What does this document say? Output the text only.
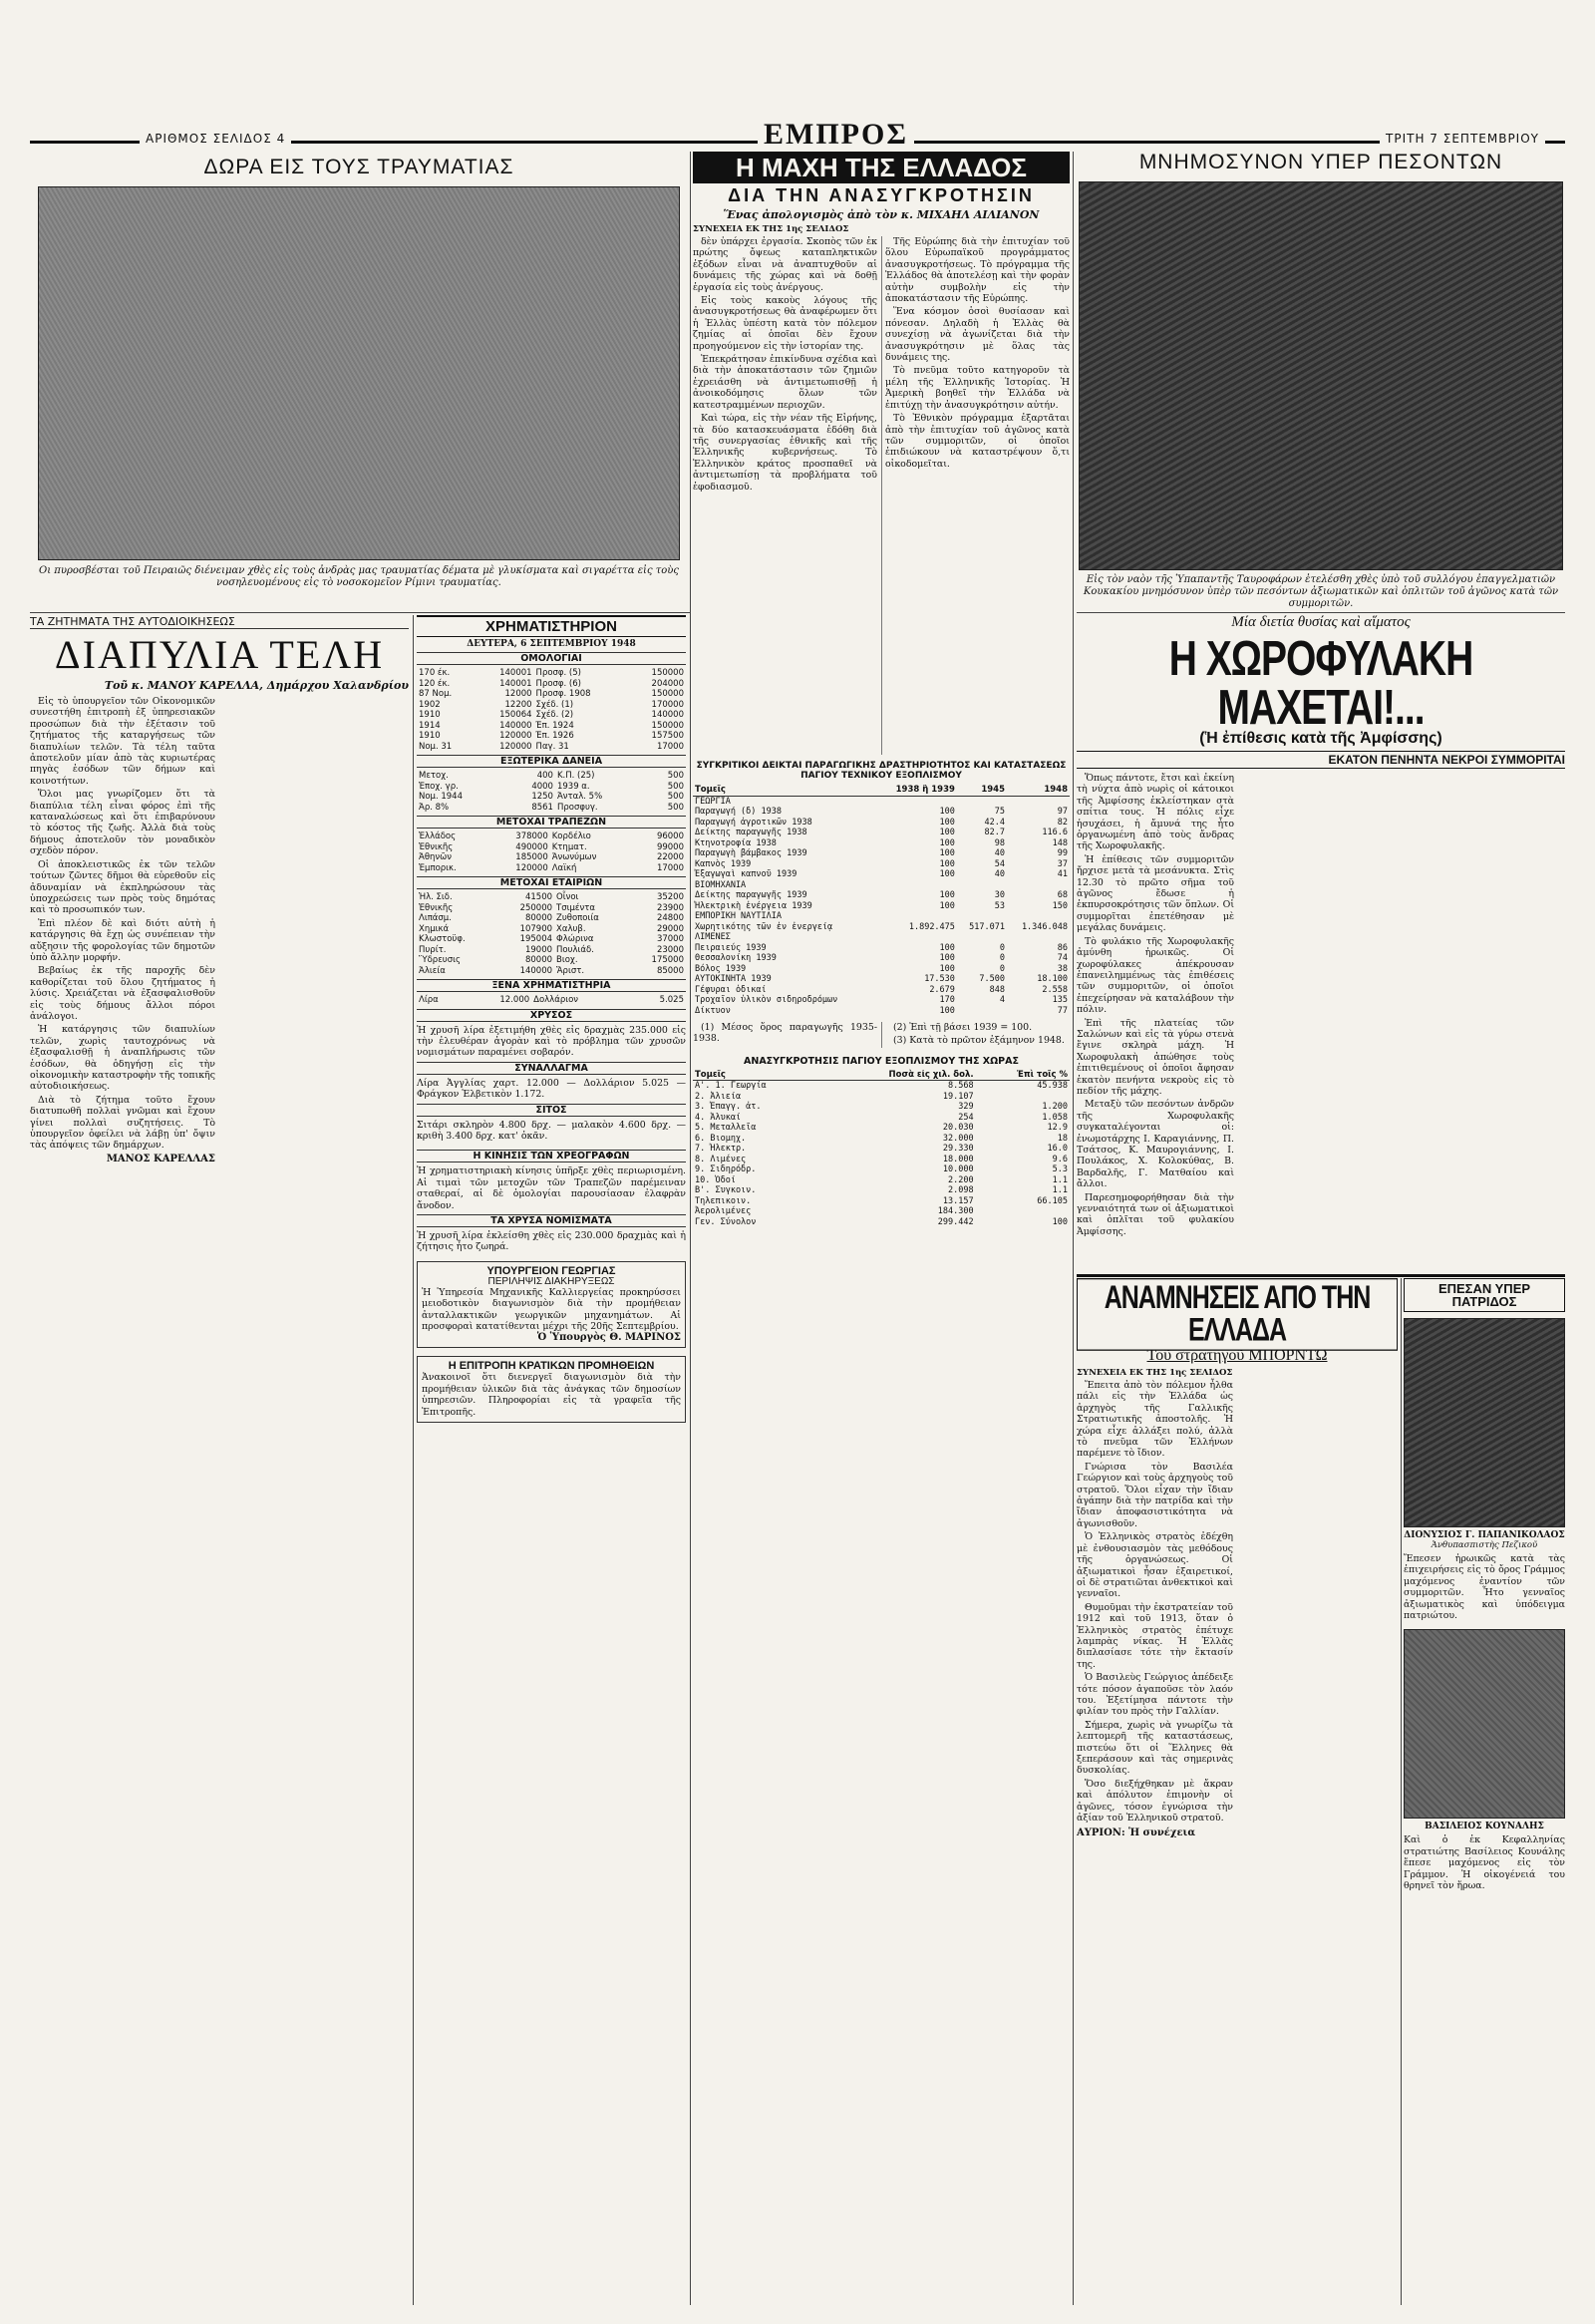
ΑΡΙΘΜΟΣ ΣΕΛΙΔΟΣ 4	ΕΜΠΡΟΣ	ΤΡΙΤΗ 7 ΣΕΠΤΕΜΒΡΙΟΥ
ΔΩΡΑ ΕΙΣ ΤΟΥΣ ΤΡΑΥΜΑΤΙΑΣ
Οι πυροσβέσται τοῦ Πειραιῶς διένειμαν χθὲς εἰς τοὺς ἀνδρὰς μας τραυματίας δέματα μὲ γλυκίσματα καὶ σιγαρέττα εἰς τοὺς νοσηλευομένους εἰς τὸ νοσοκομεῖον Ρίμινι τραυματίας.
Η ΜΑΧΗ ΤΗΣ ΕΛΛΑΔΟΣ
ΔΙΑ ΤΗΝ ΑΝΑΣΥΓΚΡΟΤΗΣΙΝ
Ἕνας ἀπολογισμὸς ἀπὸ τὸν κ. ΜΙΧΑΗΛ ΑΙΛΙΑΝΟΝ
ΣΥΝΕΧΕΙΑ ΕΚ ΤΗΣ 1ης ΣΕΛΙΔΟΣ

δὲν ὑπάρχει ἐργασία. Σκοπὸς τῶν ἐκ πρώτης ὄψεως καταπληκτικῶν ἐξόδων εἶναι νὰ ἀναπτυχθοῦν αἱ δυνάμεις τῆς χώρας καὶ νὰ δοθῇ ἐργασία εἰς τοὺς ἀνέργους.

Εἰς τοὺς κακοὺς λόγους τῆς ἀνασυγκροτήσεως θὰ ἀναφέρωμεν ὅτι ἡ Ἑλλὰς ὑπέστη κατὰ τὸν πόλεμον ζημίας αἱ ὁποῖαι δὲν ἔχουν προηγούμενον εἰς τὴν ἱστορίαν της.

Ἐπεκράτησαν ἐπικίνδυνα σχέδια καὶ διὰ τὴν ἀποκατάστασιν τῶν ζημιῶν ἐχρειάσθη νὰ ἀντιμετωπισθῇ ἡ ἀνοικοδόμησις ὅλων τῶν κατεστραμμένων περιοχῶν.

Καὶ τώρα, εἰς τὴν νέαν τῆς Εἰρήνης, τὰ δύο κατασκευάσματα ἐδόθη διὰ τῆς συνεργασίας ἐθνικῆς καὶ τῆς Ἑλληνικῆς κυβερνήσεως. Τὸ Ἑλληνικὸν κράτος προσπαθεῖ νὰ ἀντιμετωπίσῃ τὰ προβλήματα τοῦ ἐφοδιασμοῦ.

Τῆς Εὐρώπης διὰ τὴν ἐπιτυχίαν τοῦ ὅλου Εὐρωπαϊκοῦ προγράμματος ἀνασυγκροτήσεως. Τὸ πρόγραμμα τῆς Ἑλλάδος θὰ ἀποτελέσῃ καὶ τὴν φορὰν αὐτὴν συμβολὴν εἰς τὴν ἀποκατάστασιν τῆς Εὐρώπης.

Ἕνα κόσμον ὁσοὶ θυσίασαν καὶ πόνεσαν. Δηλαδὴ ἡ Ἑλλὰς θὰ συνεχίσῃ νὰ ἀγωνίζεται διὰ τὴν ἀνασυγκρότησιν μὲ ὅλας τὰς δυνάμεις της.

Τὸ πνεῦμα τοῦτο κατηγοροῦν τὰ μέλη τῆς Ἑλληνικῆς Ἱστορίας. Ἡ Ἀμερικὴ βοηθεῖ τὴν Ἑλλάδα νὰ ἐπιτύχῃ τὴν ἀνασυγκρότησιν αὐτήν.

Τὸ Ἐθνικὸν πρόγραμμα ἐξαρτᾶται ἀπὸ τὴν ἐπιτυχίαν τοῦ ἀγῶνος κατὰ τῶν συμμοριτῶν, οἱ ὁποῖοι ἐπιδιώκουν νὰ καταστρέψουν ὅ,τι οἰκοδομεῖται.

ΣΥΓΚΡΙΤΙΚΟΙ ΔΕΙΚΤΑΙ ΠΑΡΑΓΩΓΙΚΗΣ ΔΡΑΣΤΗΡΙΟΤΗΤΟΣ ΚΑΙ ΚΑΤΑΣΤΑΣΕΩΣ ΠΑΓΙΟΥ ΤΕΧΝΙΚΟΥ ΕΞΟΠΛΙΣΜΟΥ
Τομεῖς	1938 ἢ 1939	1945	1948
ΓΕΩΡΓΙΑ			
Παραγωγή (δ) 1938	100	75	97
Παραγωγή ἀγροτικῶν 1938	100	42.4	82
Δείκτης παραγωγῆς 1938	100	82.7	116.6
Κτηνοτροφία 1938	100	98	148
Παραγωγὴ βάμβακος 1939	100	40	99
Καπνὸς 1939	100	54	37
Ἐξαγωγαὶ καπνοῦ 1939	100	40	41
ΒΙΟΜΗΧΑΝΙΑ			
Δείκτης παραγωγῆς 1939	100	30	68
Ἠλεκτρικὴ ἐνέργεια 1939	100	53	150
ΕΜΠΟΡΙΚΗ ΝΑΥΤΙΛΙΑ			
Χωρητικότης τῶν ἐν ἐνεργείᾳ	1.892.475	517.071	1.346.048
ΛΙΜΕΝΕΣ			
Πειραιεύς 1939	100	0	86
Θεσσαλονίκη 1939	100	0	74
Βόλος 1939	100	0	38
ΑΥΤΟΚΙΝΗΤΑ 1939	17.530	7.500	18.100
Γέφυραι ὁδικαί	2.679	848	2.558
Τροχαῖον ὑλικὸν σιδηροδρόμων	170	4	135
Δίκτυον	100		77

(1) Μέσος ὅρος παραγωγῆς 1935-1938.

(2) Ἐπὶ τῇ βάσει 1939 = 100.

(3) Κατὰ τὸ πρῶτον ἑξάμηνον 1948.

ΑΝΑΣΥΓΚΡΟΤΗΣΙΣ ΠΑΓΙΟΥ ΕΞΟΠΛΙΣΜΟΥ ΤΗΣ ΧΩΡΑΣ
Τομεῖς	Ποσὰ εἰς χιλ. δολ.	Ἐπὶ τοῖς %
Α'. 1. Γεωργία	8.568	45.938
2. Ἀλιεία	19.107	
3. Ἐπαγγ. ἀτ.	329	1.200
4. Ἁλυκαί	254	1.058
5. Μεταλλεῖα	20.030	12.9
6. Βιομηχ.	32.000	18
7. Ἠλεκτρ.	29.330	16.0
8. Λιμένες	18.000	9.6
9. Σιδηρόδρ.	10.000	5.3
10. Ὁδοί	2.200	1.1
Β'. Συγκοιν.	2.098	1.1
Τηλεπικοιν.	13.157	66.105
Ἀερολιμένες	184.300	
Γεν. Σύνολον	299.442	100
ΜΝΗΜΟΣΥΝΟΝ ΥΠΕΡ ΠΕΣΟΝΤΩΝ
Εἰς τὸν ναὸν τῆς Ὑπαπαντῆς Ταυροφάρων ἐτελέσθη χθὲς ὑπὸ τοῦ συλλόγου ἐπαγγελματιῶν Κουκακίου μνημόσυνον ὑπὲρ τῶν πεσόντων ἀξιωματικῶν καὶ ὁπλιτῶν τοῦ ἀγῶνος κατὰ τῶν συμμοριτῶν.
ΤΑ ΖΗΤΗΜΑΤΑ ΤΗΣ ΑΥΤΟΔΙΟΙΚΗΣΕΩΣ
ΔΙΑΠΥΛΙΑ ΤΕΛΗ
Τοῦ κ. ΜΑΝΟΥ ΚΑΡΕΛΛΑ, Δημάρχου Χαλανδρίου

Εἰς τὸ ὑπουργεῖον τῶν Οἰκονομικῶν συνεστήθη ἐπιτροπὴ ἐξ ὑπηρεσιακῶν προσώπων διὰ τὴν ἐξέτασιν τοῦ ζητήματος τῆς καταργήσεως τῶν διαπυλίων τελῶν. Τὰ τέλη ταῦτα ἀποτελοῦν μίαν ἀπὸ τὰς κυριωτέρας πηγὰς ἐσόδων τῶν δήμων καὶ κοινοτήτων.

Ὅλοι μας γνωρίζομεν ὅτι τὰ διαπύλια τέλη εἶναι φόρος ἐπὶ τῆς καταναλώσεως καὶ ὅτι ἐπιβαρύνουν τὸ κόστος τῆς ζωῆς. Ἀλλὰ διὰ τοὺς δήμους ἀποτελοῦν τὸν μοναδικὸν σχεδὸν πόρον.

Οἱ ἀποκλειστικῶς ἐκ τῶν τελῶν τούτων ζῶντες δῆμοι θὰ εὑρεθοῦν εἰς ἀδυναμίαν νὰ ἐκπληρώσουν τὰς ὑποχρεώσεις των πρὸς τοὺς δημότας καὶ τὸ προσωπικόν των.

Ἐπὶ πλέον δὲ καὶ διότι αὐτὴ ἡ κατάργησις θὰ ἔχῃ ὡς συνέπειαν τὴν αὔξησιν τῆς φορολογίας τῶν δημοτῶν ὑπὸ ἄλλην μορφήν.

Βεβαίως ἐκ τῆς παροχῆς δὲν καθορίζεται τοῦ ὅλου ζητήματος ἡ λύσις. Χρειάζεται νὰ ἐξασφαλισθοῦν εἰς τοὺς δήμους ἄλλοι πόροι ἀνάλογοι.

Ἡ κατάργησις τῶν διαπυλίων τελῶν, χωρὶς ταυτοχρόνως νὰ ἐξασφαλισθῇ ἡ ἀναπλήρωσις τῶν ἐσόδων, θὰ ὁδηγήσῃ εἰς τὴν οἰκονομικὴν καταστροφὴν τῆς τοπικῆς αὐτοδιοικήσεως.

Διὰ τὸ ζήτημα τοῦτο ἔχουν διατυπωθῆ πολλαὶ γνῶμαι καὶ ἔχουν γίνει πολλαὶ συζητήσεις. Τὸ ὑπουργεῖον ὀφείλει νὰ λάβῃ ὑπ' ὄψιν τὰς ἀπόψεις τῶν δημάρχων.

ΜΑΝΟΣ ΚΑΡΕΛΛΑΣ
ΧΡΗΜΑΤΙΣΤΗΡΙΟΝ
ΔΕΥΤΕΡΑ, 6 ΣΕΠΤΕΜΒΡΙΟΥ 1948
ΟΜΟΛΟΓΙΑΙ
170 έκ.	140001	Προσφ. (5)	150000
120 έκ.	140001	Προσφ. (6)	204000
87 Νομ.	12000	Προσφ. 1908	150000
1902	12200	Σχέδ. (1)	170000
1910	150064	Σχέδ. (2)	140000
1914	140000	Ἐπ. 1924	150000
1910	120000	Ἐπ. 1926	157500
Νομ. 31	120000	Παγ. 31	17000
ΕΞΩΤΕΡΙΚΑ ΔΑΝΕΙΑ
Μετοχ.	400	Κ.Π. (25)	500
Ἐποχ. γρ.	4000	1939 α.	500
Νομ. 1944	1250	Ἀνταλ. 5%	500
Ἀρ. 8%	8561	Προσφυγ.	500
ΜΕΤΟΧΑΙ ΤΡΑΠΕΖΩΝ
Ἑλλάδος	378000	Κορδέλιο	96000
Ἐθνικῆς	490000	Κτηματ.	99000
Ἀθηνῶν	185000	Ἀνωνύμων	22000
Ἐμπορικ.	120000	Λαϊκή	17000
ΜΕΤΟΧΑΙ ΕΤΑΙΡΙΩΝ
Ἠλ. Σιδ.	41500	Οἶνοι	35200
Ἐθνικῆς	250000	Τσιμέντα	23900
Λιπάσμ.	80000	Ζυθοποιία	24800
Χημικά	107900	Χαλυβ.	29000
Κλωστοϋφ.	195004	Φλώρινα	37000
Πυρίτ.	19000	Πουλιάδ.	23000
Ὕδρευσις	80000	Βιοχ.	175000
Ἀλιεία	140000	Ἄριστ.	85000
ΞΕΝΑ ΧΡΗΜΑΤΙΣΤΗΡΙΑ
Λίρα	12.000	Δολλάριον	5.025
ΧΡΥΣΟΣ
Ἡ χρυσῆ λίρα ἐξετιμήθη χθὲς εἰς δραχμὰς 235.000 εἰς τὴν ἐλευθέραν ἀγορὰν καὶ τὸ πρόβλημα τῶν χρυσῶν νομισμάτων παραμένει σοβαρόν.
ΣΥΝΑΛΛΑΓΜΑ
Λίρα Ἀγγλίας χαρτ. 12.000 — Δολλάριον 5.025 — Φράγκον Ἑλβετικὸν 1.172.
ΣΙΤΟΣ
Σιτάρι σκληρὸν 4.800 δρχ. — μαλακὸν 4.600 δρχ. — κριθὴ 3.400 δρχ. κατ' ὀκᾶν.
Η ΚΙΝΗΣΙΣ ΤΩΝ ΧΡΕΟΓΡΑΦΩΝ
Ἡ χρηματιστηριακὴ κίνησις ὑπῆρξε χθὲς περιωρισμένη. Αἱ τιμαὶ τῶν μετοχῶν τῶν Τραπεζῶν παρέμειναν σταθεραί, αἱ δὲ ὁμολογίαι παρουσίασαν ἐλαφρὰν ἄνοδον.
ΤΑ ΧΡΥΣΑ ΝΟΜΙΣΜΑΤΑ
Ἡ χρυσῆ λίρα ἐκλείσθη χθὲς εἰς 230.000 δραχμὰς καὶ ἡ ζήτησις ἦτο ζωηρά.
ΥΠΟΥΡΓΕΙΟΝ ΓΕΩΡΓΙΑΣ
ΠΕΡΙΛΗΨΙΣ ΔΙΑΚΗΡΥΞΕΩΣ
Ἡ Ὑπηρεσία Μηχανικῆς Καλλιεργείας προκηρύσσει μειοδοτικὸν διαγωνισμὸν διὰ τὴν προμήθειαν ἀνταλλακτικῶν γεωργικῶν μηχανημάτων. Αἱ προσφοραὶ κατατίθενται μέχρι τῆς 20ῆς Σεπτεμβρίου.
Ὁ Ὑπουργὸς Θ. ΜΑΡΙΝΟΣ
Η ΕΠΙΤΡΟΠΗ ΚΡΑΤΙΚΩΝ ΠΡΟΜΗΘΕΙΩΝ
Ἀνακοινοῖ ὅτι διενεργεῖ διαγωνισμὸν διὰ τὴν προμήθειαν ὑλικῶν διὰ τὰς ἀνάγκας τῶν δημοσίων ὑπηρεσιῶν. Πληροφορίαι εἰς τὰ γραφεῖα τῆς Ἐπιτροπῆς.
Μία διετία θυσίας καὶ αἵματος
Η ΧΩΡΟΦΥΛΑΚΗ ΜΑΧΕΤΑΙ!...
(Ἡ ἐπίθεσις κατὰ τῆς Ἀμφίσσης)
ΕΚΑΤΟΝ ΠΕΝΗΝΤΑ ΝΕΚΡΟΙ ΣΥΜΜΟΡΙΤΑΙ

Ὅπως πάντοτε, ἔτσι καὶ ἐκείνη τὴ νύχτα ἀπὸ νωρὶς οἱ κάτοικοι τῆς Ἀμφίσσης ἐκλείστηκαν στὰ σπίτια τους. Ἡ πόλις εἶχε ἡσυχάσει, ἡ ἄμυνά της ἦτο ὀργανωμένη ἀπὸ τοὺς ἄνδρας τῆς Χωροφυλακῆς.

Ἡ ἐπίθεσις τῶν συμμοριτῶν ἤρχισε μετὰ τὰ μεσάνυκτα. Στὶς 12.30 τὸ πρῶτο σῆμα τοῦ ἀγῶνος ἔδωσε ἡ ἐκπυρσοκρότησις τῶν ὅπλων. Οἱ συμμορῖται ἐπετέθησαν μὲ μεγάλας δυνάμεις.

Τὸ φυλάκιο τῆς Χωροφυλακῆς ἀμύνθη ἡρωικῶς. Οἱ χωροφύλακες ἀπέκρουσαν ἐπανειλημμένως τὰς ἐπιθέσεις τῶν συμμοριτῶν, οἱ ὁποῖοι ἐπεχείρησαν νὰ καταλάβουν τὴν πόλιν.

Ἐπὶ τῆς πλατείας τῶν Σαλώνων καὶ εἰς τὰ γύρω στενὰ ἔγινε σκληρὰ μάχη. Ἡ Χωροφυλακὴ ἀπώθησε τοὺς ἐπιτιθεμένους οἱ ὁποῖοι ἄφησαν ἑκατὸν πενήντα νεκροὺς εἰς τὸ πεδίον τῆς μάχης.

Μεταξὺ τῶν πεσόντων ἀνδρῶν τῆς Χωροφυλακῆς συγκαταλέγονται οἱ: ἐνωμοτάρχης Ι. Καραγιάννης, Π. Τσάτσος, Κ. Μαυρογιάννης, Ι. Πουλάκος, Χ. Κολοκύθας, Β. Βαρδαλῆς, Γ. Ματθαίου καὶ ἄλλοι.

Παρεσημοφορήθησαν διὰ τὴν γενναιότητά των οἱ ἀξιωματικοὶ καὶ ὁπλῖται τοῦ φυλακίου Ἀμφίσσης.

ΑΝΑΜΝΗΣΕΙΣ ΑΠΟ ΤΗΝ ΕΛΛΑΔΑ
Τοῦ στρατηγοῦ ΜΠΟΡΝΤΩ
ΣΥΝΕΧΕΙΑ ΕΚ ΤΗΣ 1ης ΣΕΛΙΔΟΣ

Ἔπειτα ἀπὸ τὸν πόλεμον ἦλθα πάλι εἰς τὴν Ἑλλάδα ὡς ἀρχηγὸς τῆς Γαλλικῆς Στρατιωτικῆς ἀποστολῆς. Ἡ χώρα εἶχε ἀλλάξει πολύ, ἀλλὰ τὸ πνεῦμα τῶν Ἑλλήνων παρέμενε τὸ ἴδιον.

Γνώρισα τὸν Βασιλέα Γεώργιον καὶ τοὺς ἀρχηγοὺς τοῦ στρατοῦ. Ὅλοι εἶχαν τὴν ἴδιαν ἀγάπην διὰ τὴν πατρίδα καὶ τὴν ἴδιαν ἀποφασιστικότητα νὰ ἀγωνισθοῦν.

Ὁ Ἑλληνικὸς στρατὸς ἐδέχθη μὲ ἐνθουσιασμὸν τὰς μεθόδους τῆς ὀργανώσεως. Οἱ ἀξιωματικοὶ ἦσαν ἐξαιρετικοί, οἱ δὲ στρατιῶται ἀνθεκτικοὶ καὶ γενναῖοι.

Θυμοῦμαι τὴν ἐκστρατείαν τοῦ 1912 καὶ τοῦ 1913, ὅταν ὁ Ἑλληνικὸς στρατὸς ἐπέτυχε λαμπρὰς νίκας. Ἡ Ἑλλὰς διπλασίασε τότε τὴν ἔκτασίν της.

Ὁ Βασιλεὺς Γεώργιος ἀπέδειξε τότε πόσον ἀγαποῦσε τὸν λαόν του. Ἐξετίμησα πάντοτε τὴν φιλίαν του πρὸς τὴν Γαλλίαν.

Σήμερα, χωρὶς νὰ γνωρίζω τὰ λεπτομερῆ τῆς καταστάσεως, πιστεύω ὅτι οἱ Ἕλληνες θὰ ξεπεράσουν καὶ τὰς σημερινὰς δυσκολίας.

Ὅσο διεξήχθηκαν μὲ ἄκραν καὶ ἀπόλυτον ἐπιμονὴν οἱ ἀγῶνες, τόσον ἐγνώρισα τὴν ἀξίαν τοῦ Ἑλληνικοῦ στρατοῦ.

ΑΥΡΙΟΝ: Ἡ συνέχεια
ΕΠΕΣΑΝ ΥΠΕΡ ΠΑΤΡΙΔΟΣ
ΔΙΟΝΥΣΙΟΣ Γ. ΠΑΠΑΝΙΚΟΛΑΟΣ
Ἀνθυπασπιστὴς Πεζικοῦ
Ἔπεσεν ἡρωικῶς κατὰ τὰς ἐπιχειρήσεις εἰς τὸ ὄρος Γράμμος μαχόμενος ἐναντίον τῶν συμμοριτῶν. Ἦτο γενναῖος ἀξιωματικὸς καὶ ὑπόδειγμα πατριώτου.
ΒΑΣΙΛΕΙΟΣ ΚΟΥΝΑΛΗΣ
Καὶ ὁ ἐκ Κεφαλληνίας στρατιώτης Βασίλειος Κουνάλης ἔπεσε μαχόμενος εἰς τὸν Γράμμον. Ἡ οἰκογένειά του θρηνεῖ τὸν ἥρωα.
